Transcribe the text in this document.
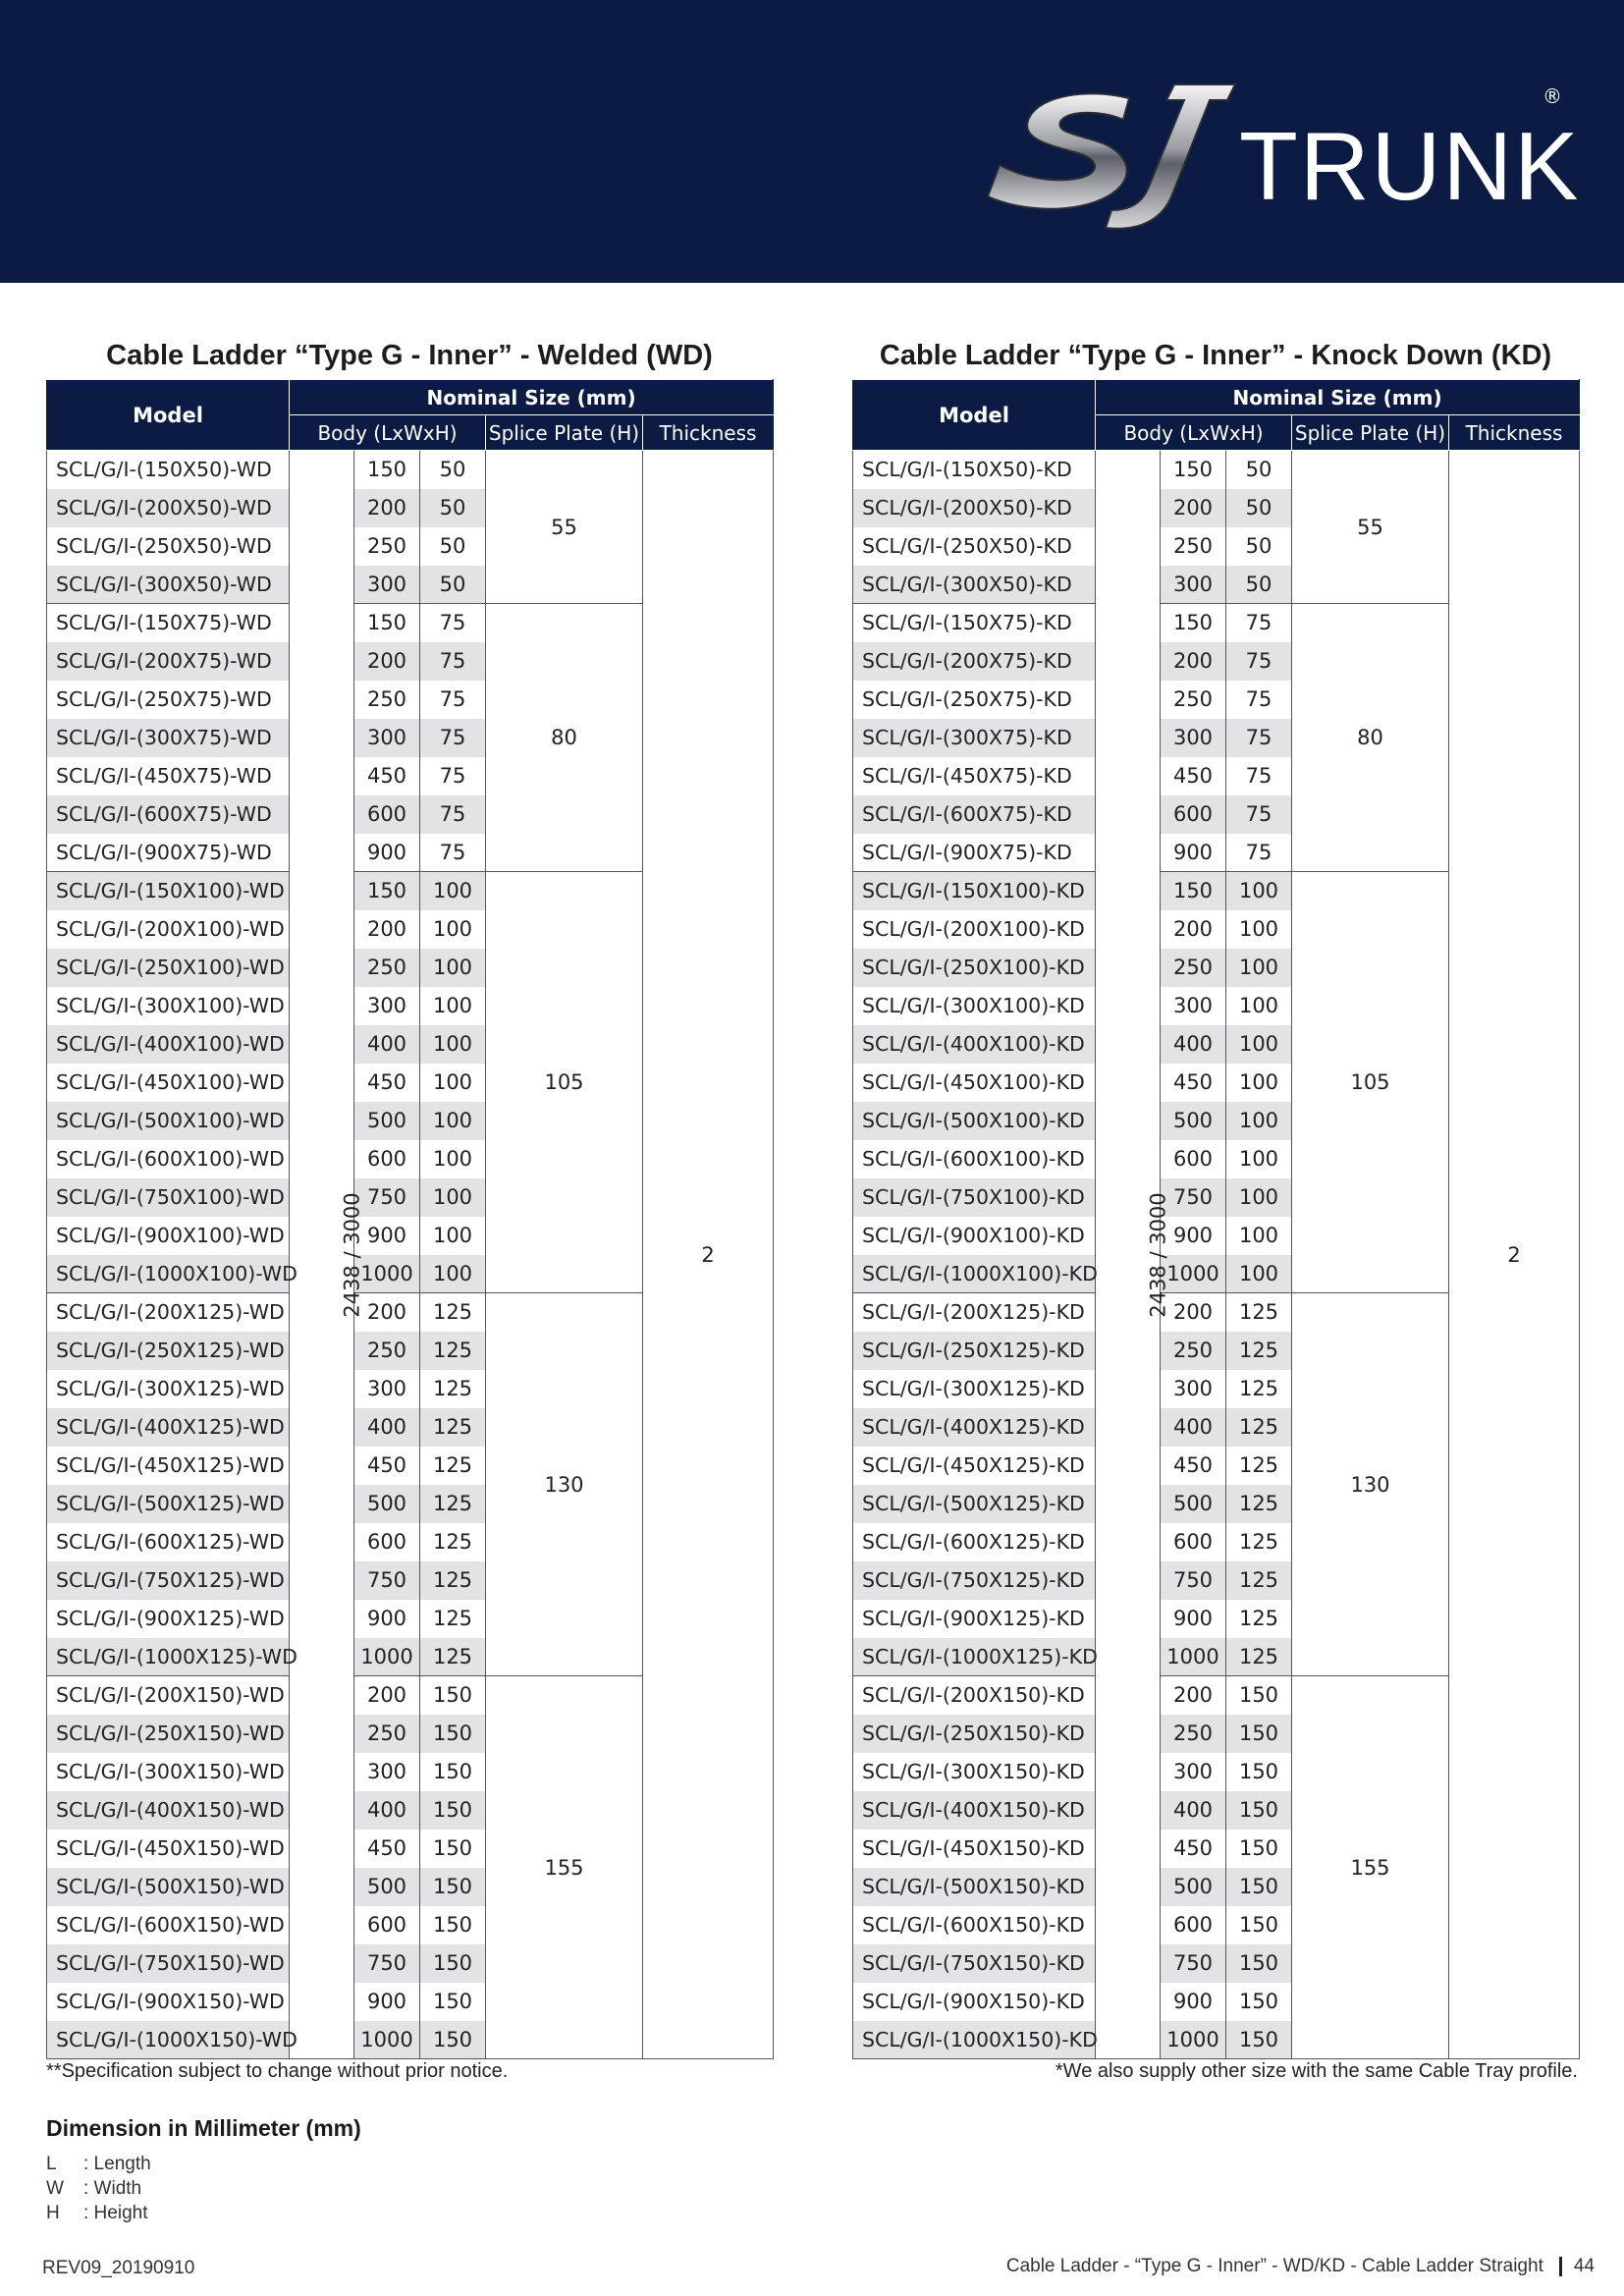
TRUNK
®
Cable Ladder “Type G - Inner” - Welded (WD)
Model	Nominal Size (mm)				
	Body (LxWxH)			Splice Plate (H)	Thickness
SCL/G/I-(150X50)-WD	2438 / 3000	150	50	55	2
SCL/G/I-(200X50)-WD		200	50		
SCL/G/I-(250X50)-WD		250	50		
SCL/G/I-(300X50)-WD		300	50		
SCL/G/I-(150X75)-WD		150	75	80	
SCL/G/I-(200X75)-WD		200	75		
SCL/G/I-(250X75)-WD		250	75		
SCL/G/I-(300X75)-WD		300	75		
SCL/G/I-(450X75)-WD		450	75		
SCL/G/I-(600X75)-WD		600	75		
SCL/G/I-(900X75)-WD		900	75		
SCL/G/I-(150X100)-WD		150	100	105	
SCL/G/I-(200X100)-WD		200	100		
SCL/G/I-(250X100)-WD		250	100		
SCL/G/I-(300X100)-WD		300	100		
SCL/G/I-(400X100)-WD		400	100		
SCL/G/I-(450X100)-WD		450	100		
SCL/G/I-(500X100)-WD		500	100		
SCL/G/I-(600X100)-WD		600	100		
SCL/G/I-(750X100)-WD		750	100		
SCL/G/I-(900X100)-WD		900	100		
SCL/G/I-(1000X100)-WD		1000	100		
SCL/G/I-(200X125)-WD		200	125	130	
SCL/G/I-(250X125)-WD		250	125		
SCL/G/I-(300X125)-WD		300	125		
SCL/G/I-(400X125)-WD		400	125		
SCL/G/I-(450X125)-WD		450	125		
SCL/G/I-(500X125)-WD		500	125		
SCL/G/I-(600X125)-WD		600	125		
SCL/G/I-(750X125)-WD		750	125		
SCL/G/I-(900X125)-WD		900	125		
SCL/G/I-(1000X125)-WD		1000	125		
SCL/G/I-(200X150)-WD		200	150	155	
SCL/G/I-(250X150)-WD		250	150		
SCL/G/I-(300X150)-WD		300	150		
SCL/G/I-(400X150)-WD		400	150		
SCL/G/I-(450X150)-WD		450	150		
SCL/G/I-(500X150)-WD		500	150		
SCL/G/I-(600X150)-WD		600	150		
SCL/G/I-(750X150)-WD		750	150		
SCL/G/I-(900X150)-WD		900	150		
SCL/G/I-(1000X150)-WD		1000	150		
Cable Ladder “Type G - Inner” - Knock Down (KD)
Model	Nominal Size (mm)				
	Body (LxWxH)			Splice Plate (H)	Thickness
SCL/G/I-(150X50)-KD	2438 / 3000	150	50	55	2
SCL/G/I-(200X50)-KD		200	50		
SCL/G/I-(250X50)-KD		250	50		
SCL/G/I-(300X50)-KD		300	50		
SCL/G/I-(150X75)-KD		150	75	80	
SCL/G/I-(200X75)-KD		200	75		
SCL/G/I-(250X75)-KD		250	75		
SCL/G/I-(300X75)-KD		300	75		
SCL/G/I-(450X75)-KD		450	75		
SCL/G/I-(600X75)-KD		600	75		
SCL/G/I-(900X75)-KD		900	75		
SCL/G/I-(150X100)-KD		150	100	105	
SCL/G/I-(200X100)-KD		200	100		
SCL/G/I-(250X100)-KD		250	100		
SCL/G/I-(300X100)-KD		300	100		
SCL/G/I-(400X100)-KD		400	100		
SCL/G/I-(450X100)-KD		450	100		
SCL/G/I-(500X100)-KD		500	100		
SCL/G/I-(600X100)-KD		600	100		
SCL/G/I-(750X100)-KD		750	100		
SCL/G/I-(900X100)-KD		900	100		
SCL/G/I-(1000X100)-KD		1000	100		
SCL/G/I-(200X125)-KD		200	125	130	
SCL/G/I-(250X125)-KD		250	125		
SCL/G/I-(300X125)-KD		300	125		
SCL/G/I-(400X125)-KD		400	125		
SCL/G/I-(450X125)-KD		450	125		
SCL/G/I-(500X125)-KD		500	125		
SCL/G/I-(600X125)-KD		600	125		
SCL/G/I-(750X125)-KD		750	125		
SCL/G/I-(900X125)-KD		900	125		
SCL/G/I-(1000X125)-KD		1000	125		
SCL/G/I-(200X150)-KD		200	150	155	
SCL/G/I-(250X150)-KD		250	150		
SCL/G/I-(300X150)-KD		300	150		
SCL/G/I-(400X150)-KD		400	150		
SCL/G/I-(450X150)-KD		450	150		
SCL/G/I-(500X150)-KD		500	150		
SCL/G/I-(600X150)-KD		600	150		
SCL/G/I-(750X150)-KD		750	150		
SCL/G/I-(900X150)-KD		900	150		
SCL/G/I-(1000X150)-KD		1000	150		
**Specification subject to change without prior notice.	*We also supply other size with the same Cable Tray profile.
Dimension in Millimeter (mm)
L	: Length
W	: Width
H	: Height
REV09_20190910	Cable Ladder - “Type G - Inner” - WD/KD - Cable Ladder Straight 44
